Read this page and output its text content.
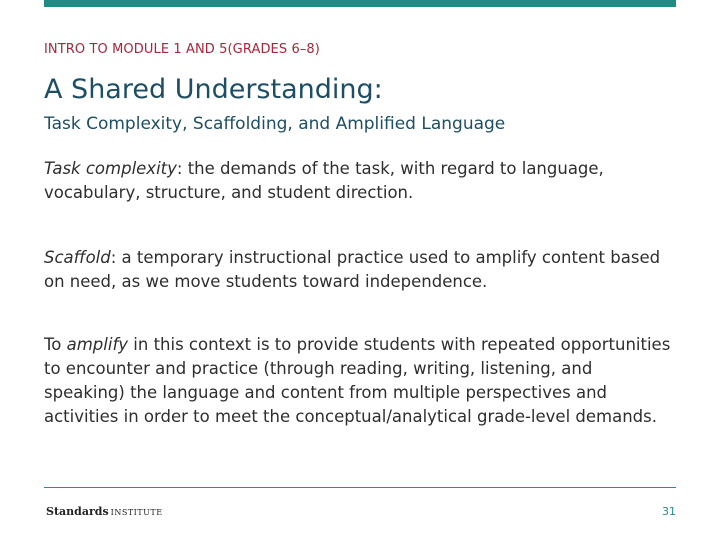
INTRO TO MODULE 1 AND 5(GRADES 6–8)
A Shared Understanding:
Task Complexity, Scaffolding, and Amplified Language

Task complexity: the demands of the task, with regard to language, vocabulary, structure, and student direction.

Scaffold: a temporary instructional practice used to amplify content based on need, as we move students toward independence.

To amplify in this context is to provide students with repeated opportunities to encounter and practice (through reading, writing, listening, and speaking) the language and content from multiple perspectives and activities in order to meet the conceptual/analytical grade-level demands.

Standards INSTITUTE	31
